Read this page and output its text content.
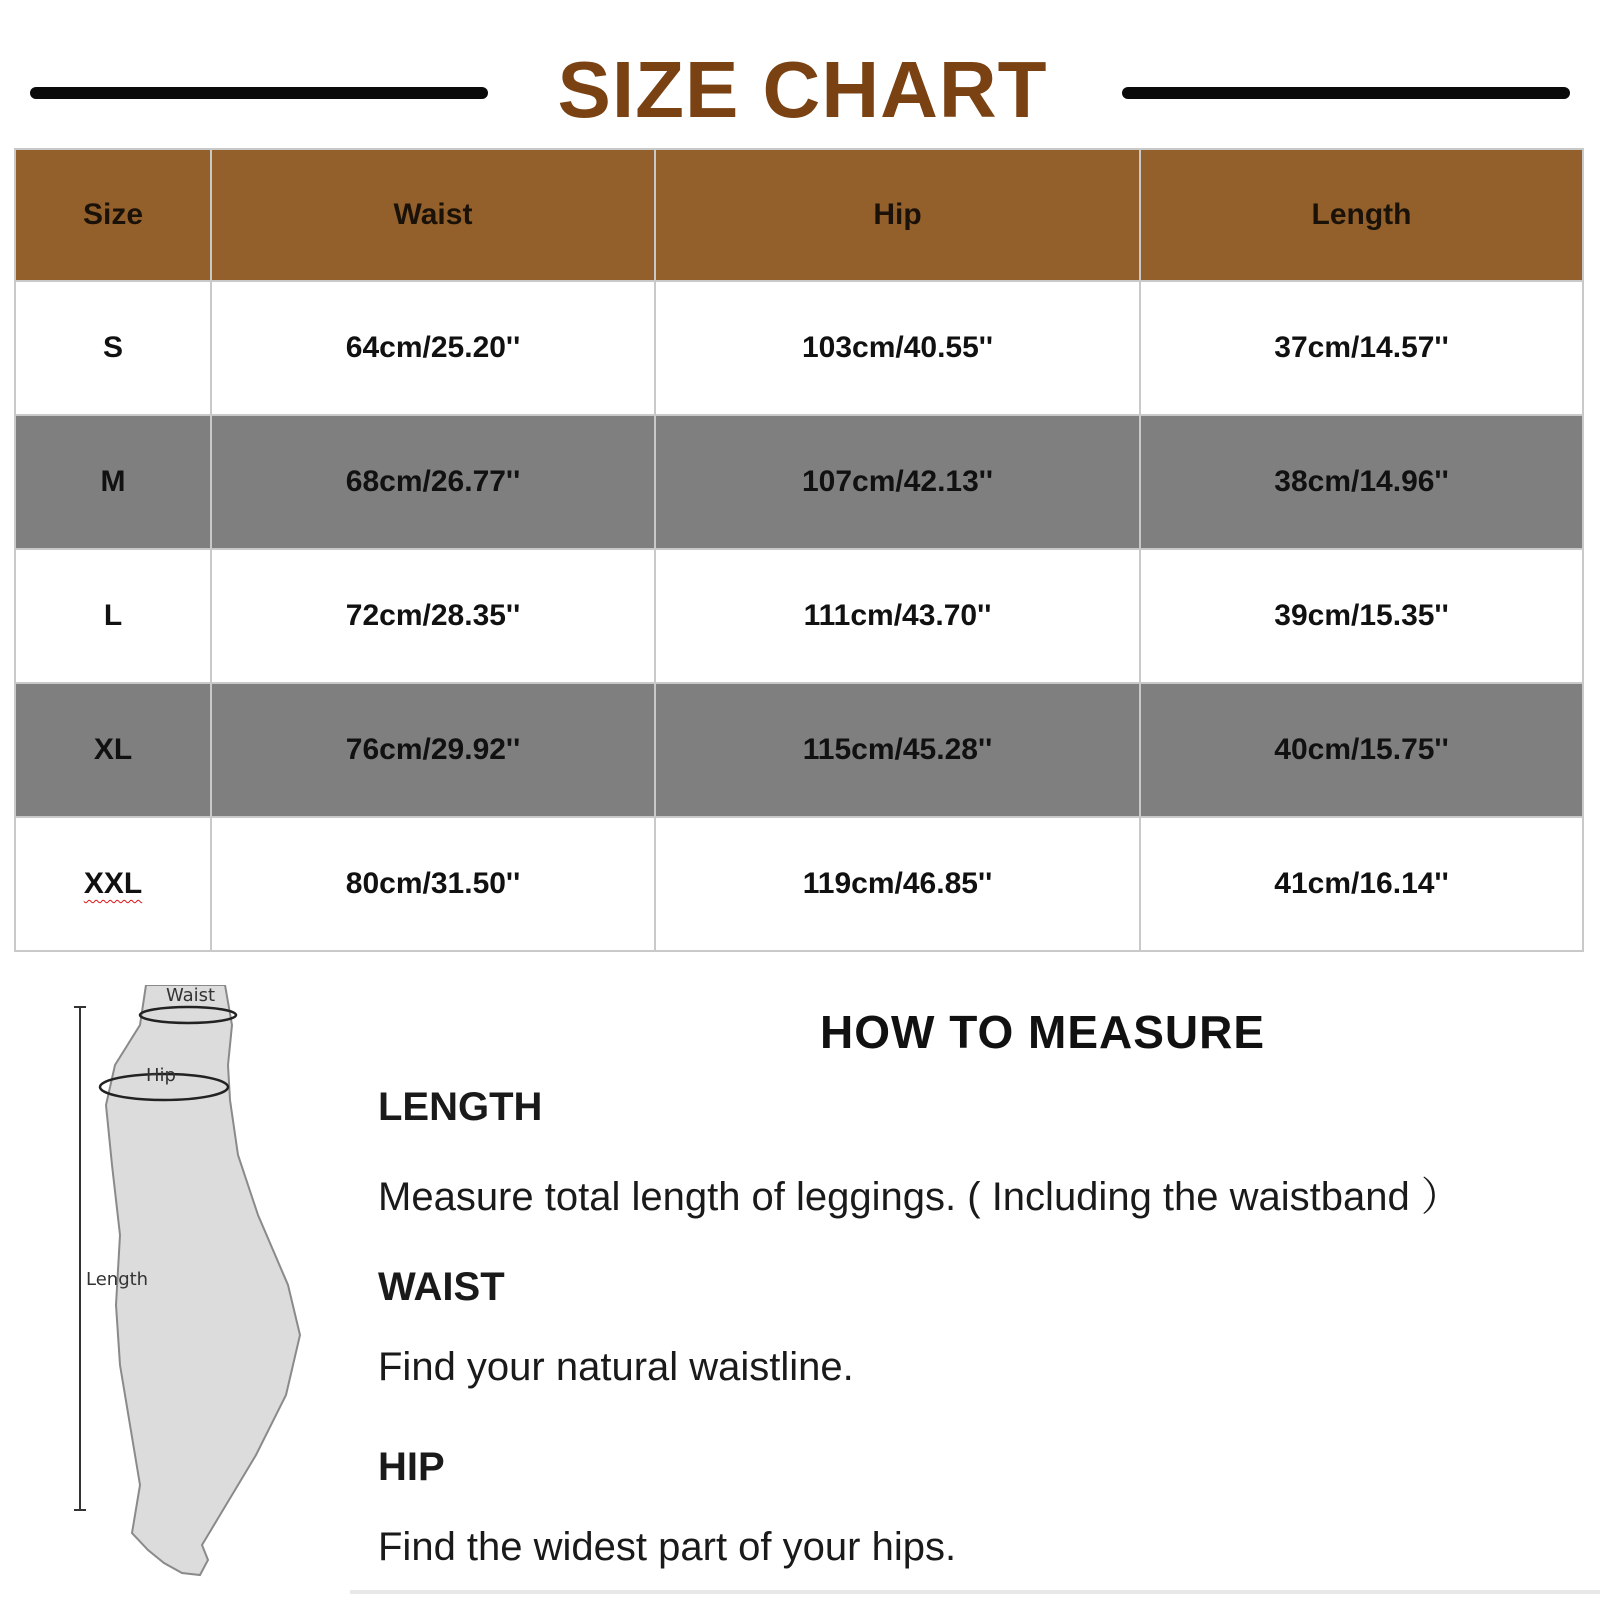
SIZE CHART
Size	Waist	Hip	Length
S	64cm/25.20''	103cm/40.55''	37cm/14.57''
M	68cm/26.77''	107cm/42.13''	38cm/14.96''
L	72cm/28.35''	111cm/43.70''	39cm/15.35''
XL	76cm/29.92''	115cm/45.28''	40cm/15.75''
XXL	80cm/31.50''	119cm/46.85''	41cm/16.14''
Waist
Hip
Length
HOW TO MEASURE
LENGTH
Measure total length of leggings. ( Including the waistband ）
WAIST
Find your natural waistline.
HIP
Find the widest part of your hips.
